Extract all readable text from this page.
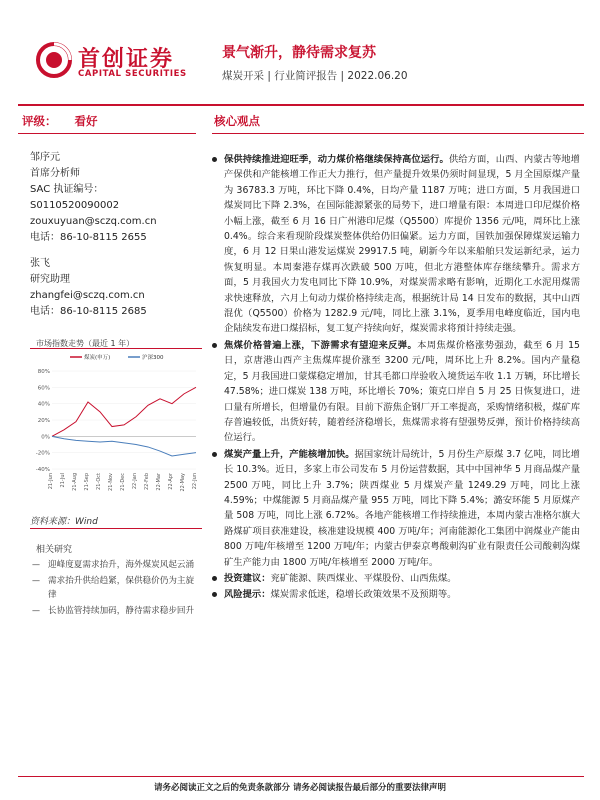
首创证券
CAPITAL SECURITIES
景气渐升，静待需求复苏
煤炭开采 | 行业简评报告 | 2022.06.20
评级： 看好	核心观点
邹序元
首席分析师
SAC 执证编号：
S0110520090002
zouxuyuan@sczq.com.cn
电话：86-10-8115 2655
张飞
研究助理
zhangfei@sczq.com.cn
电话：86-10-8115 2685
市场指数走势（最近 1 年）
-40%
-20%
0%
20%
40%
60%
80%
21-Jun 21-Jul 21-Aug 21-Sep 21-Oct 21-Nov 21-Dec 22-Jan 22-Feb 22-Mar 22-Apr 22-May 22-Jun
煤炭(申万)	沪深300
资料来源：Wind
相关研究
— 迎峰度夏需求抬升，海外煤炭风起云涌
— 需求抬升供给趋紧，保供稳价仍为主旋律
— 长协监管持续加码，静待需求稳步回升
保供持续推进迎旺季，动力煤价格继续保持高位运行。供给方面，山西、内蒙古等地增产保供和产能核增工作正大力推行，但产量提升效果仍须时间显现，5 月全国原煤产量为 36783.3 万吨，环比下降 0.4%，日均产量 1187 万吨；进口方面，5 月我国进口煤炭同比下降 2.3%，在国际能源紧张的局势下，进口增量有限：本周进口印尼煤价格小幅上涨，截至 6 月 16 日广州港印尼煤（Q5500）库提价 1356 元/吨，周环比上涨 0.4%。综合来看现阶段煤炭整体供给仍旧偏紧。运力方面，国铁加强保障煤炭运输力度，6 月 12 日果山港发运煤炭 29917.5 吨，刷新今年以来船舶只发运新纪录，运力恢复明显。本周秦港存煤再次跌破 500 万吨，但北方港整体库存继续攀升。需求方面，5 月我国火力发电同比下降 10.9%，对煤炭需求略有影响，近期化工水泥用煤需求快速释放，六月上旬动力煤价格持续走高，根据统计局 14 日发布的数据，其中山西混优（Q5500）价格为 1282.9 元/吨，同比上涨 3.1%，夏季用电峰度临近，国内电企陆续发布进口煤招标，复工复产持续向好，煤炭需求将預计持续走强。
焦煤价格普遍上涨，下游需求有望迎来反弹。本周焦煤价格涨势强劲，截至 6 月 15 日，京唐港山西产主焦煤库提价涨至 3200 元/吨，周环比上升 8.2%。国内产量稳定，5 月我国进口蒙煤稳定增加，甘其毛都口岸验收入境货运车收 1.1 万辆，环比增长 47.58%；进口煤炭 138 万吨，环比增长 70%；策克口岸自 5 月 25 日恢复进口，进口量有所增长，但增量仍有限。目前下游焦企钢厂开工率提高，采购情绪积极，煤矿库存普遍较低，出货好转，随着经济稳增长，焦煤需求将有望强势反弹，预计价格持续高位运行。
煤炭产量上升，产能核增加快。据国家统计局统计，5 月份生产原煤 3.7 亿吨，同比增长 10.3%。近日，多家上市公司发布 5 月份运营数据，其中中国神华 5 月商品煤产量 2500 万吨，同比上升 3.7%；陕西煤业 5 月煤炭产量 1249.29 万吨，同比上涨 4.59%；中煤能源 5 月商品煤产量 955 万吨，同比下降 5.4%；潞安环能 5 月原煤产量 508 万吨，同比上涨 6.72%。各地产能核增工作持续推进，本周内蒙古准格尔旗大路煤矿项目获准建设，核准建设规模 400 万吨/年；河南能源化工集团中润煤业产能由 800 万吨/年核增至 1200 万吨/年；内蒙古伊泰京粤酸刺沟矿业有限责任公司酸刺沟煤矿生产能力由 1800 万吨/年核增至 2000 万吨/年。
投资建议：兖矿能源、陕西煤业、平煤股份、山西焦煤。
风险提示：煤炭需求低迷，稳增长政策效果不及预期等。
请务必阅读正文之后的免责条款部分 请务必阅读报告最后部分的重要法律声明
